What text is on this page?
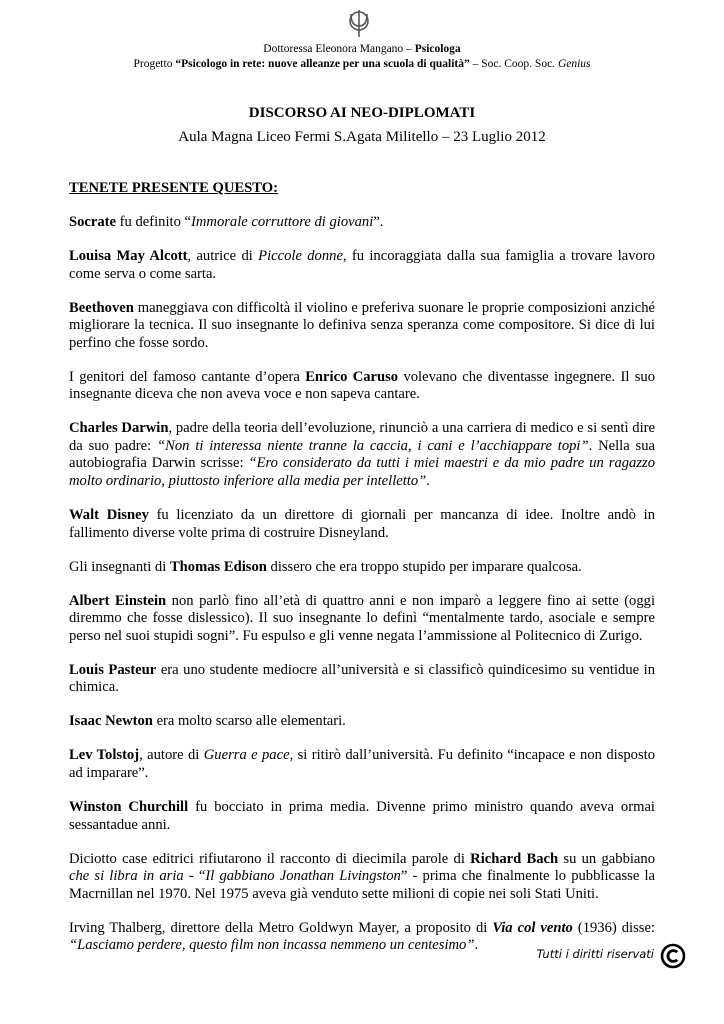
Dottoressa Eleonora Mangano – Psicologa
Progetto “Psicologo in rete: nuove alleanze per una scuola di qualità” – Soc. Coop. Soc. Genius
DISCORSO AI NEO-DIPLOMATI
Aula Magna Liceo Fermi S.Agata Militello – 23 Luglio 2012

TENETE PRESENTE QUESTO:

Socrate fu definito “Immorale corruttore di giovani”.

Louisa May Alcott, autrice di Piccole donne, fu incoraggiata dalla sua famiglia a trovare lavoro come serva o come sarta.

Beethoven maneggiava con difficoltà il violino e preferiva suonare le proprie composizioni anziché migliorare la tecnica. Il suo insegnante lo definiva senza speranza come compositore. Si dice di lui perfino che fosse sordo.

I genitori del famoso cantante d’opera Enrico Caruso volevano che diventasse ingegnere. Il suo insegnante diceva che non aveva voce e non sapeva cantare.

Charles Darwin, padre della teoria dell’evoluzione, rinunciò a una carriera di medico e si sentì dire da suo padre: “Non ti interessa niente tranne la caccia, i cani e l’acchiappare topi”. Nella sua autobiografia Darwin scrisse: “Ero considerato da tutti i miei maestri e da mio padre un ragazzo molto ordinario, piuttosto inferiore alla media per intelletto”.

Walt Disney fu licenziato da un direttore di giornali per mancanza di idee. Inoltre andò in fallimento diverse volte prima di costruire Disneyland.

Gli insegnanti di Thomas Edison dissero che era troppo stupido per imparare qualcosa.

Albert Einstein non parlò fino all’età di quattro anni e non imparò a leggere fino ai sette (oggi diremmo che fosse dislessico). Il suo insegnante lo definì “mentalmente tardo, asociale e sempre perso nel suoi stupidi sogni”. Fu espulso e gli venne negata l’ammissione al Politecnico di Zurigo.

Louis Pasteur era uno studente mediocre all’università e si classificò quindicesimo su ventidue in chimica.

Isaac Newton era molto scarso alle elementari.

Lev Tolstoj, autore di Guerra e pace, si ritirò dall’università. Fu definito “incapace e non disposto ad imparare”.

Winston Churchill fu bocciato in prima media. Divenne primo ministro quando aveva ormai sessantadue anni.

Diciotto case editrici rifiutarono il racconto di diecimila parole di Richard Bach su un gabbiano che si libra in aria - “Il gabbiano Jonathan Livingston” - prima che finalmente lo pubblicasse la Macrnillan nel 1970. Nel 1975 aveva già venduto sette milioni di copie nei soli Stati Uniti.

Irving Thalberg, direttore della Metro Goldwyn Mayer, a proposito di Via col vento (1936) disse: “Lasciamo perdere, questo film non incassa nemmeno un centesimo”.

Tutti i diritti riservati
